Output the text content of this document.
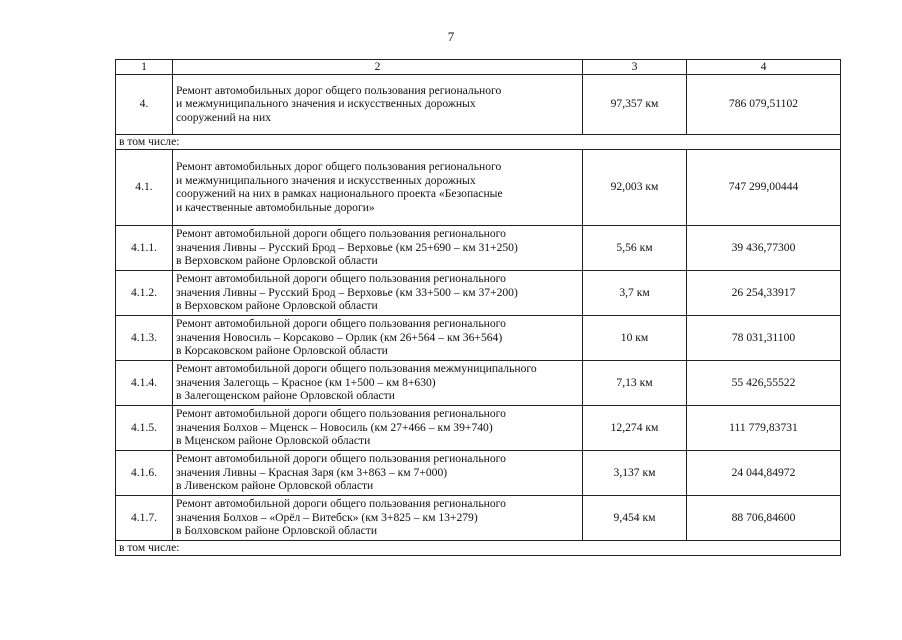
7
1	2	3	4
4.	Ремонт автомобильных дорог общего пользования регионального
и межмуниципального значения и искусственных дорожных
сооружений на них	97,357 км	786 079,51102
в том числе:			
4.1.	Ремонт автомобильных дорог общего пользования регионального
и межмуниципального значения и искусственных дорожных
сооружений на них в рамках национального проекта «Безопасные
и качественные автомобильные дороги»	92,003 км	747 299,00444
4.1.1.	Ремонт автомобильной дороги общего пользования регионального
значения Ливны – Русский Брод – Верховье (км 25+690 – км 31+250)
в Верховском районе Орловской области	5,56 км	39 436,77300
4.1.2.	Ремонт автомобильной дороги общего пользования регионального
значения Ливны – Русский Брод – Верховье (км 33+500 – км 37+200)
в Верховском районе Орловской области	3,7 км	26 254,33917
4.1.3.	Ремонт автомобильной дороги общего пользования регионального
значения Новосиль – Корсаково – Орлик (км 26+564 – км 36+564)
в Корсаковском районе Орловской области	10 км	78 031,31100
4.1.4.	Ремонт автомобильной дороги общего пользования межмуниципального
значения Залегощь – Красное (км 1+500 – км 8+630)
в Залегощенском районе Орловской области	7,13 км	55 426,55522
4.1.5.	Ремонт автомобильной дороги общего пользования регионального
значения Болхов – Мценск – Новосиль (км 27+466 – км 39+740)
в Мценском районе Орловской области	12,274 км	111 779,83731
4.1.6.	Ремонт автомобильной дороги общего пользования регионального
значения Ливны – Красная Заря (км 3+863 – км 7+000)
в Ливенском районе Орловской области	3,137 км	24 044,84972
4.1.7.	Ремонт автомобильной дороги общего пользования регионального
значения Болхов – «Орёл – Витебск» (км 3+825 – км 13+279)
в Болховском районе Орловской области	9,454 км	88 706,84600
в том числе:			
